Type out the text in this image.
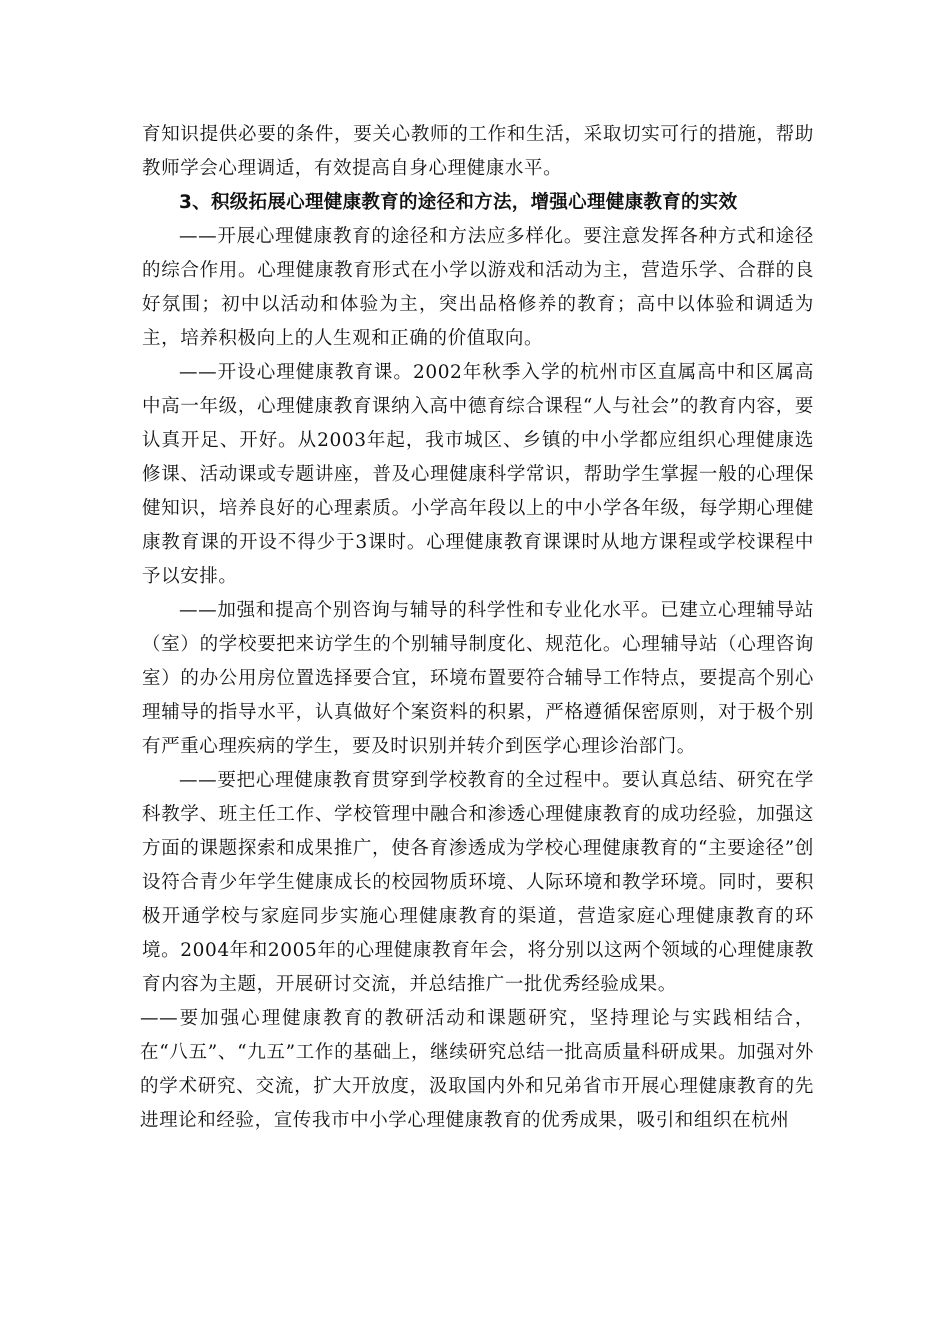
育知识提供必要的条件，要关心教师的工作和生活，采取切实可行的措施，帮助教师学会心理调适，有效提高自身心理健康水平。

3、积级拓展心理健康教育的途径和方法，增强心理健康教育的实效

——开展心理健康教育的途径和方法应多样化。要注意发挥各种方式和途径的综合作用。心理健康教育形式在小学以游戏和活动为主，营造乐学、合群的良好氛围；初中以活动和体验为主，突出品格修养的教育；高中以体验和调适为主，培养积极向上的人生观和正确的价值取向。

——开设心理健康教育课。2002年秋季入学的杭州市区直属高中和区属高中高一年级，心理健康教育课纳入高中德育综合课程“人与社会”的教育内容，要认真开足、开好。从2003年起，我市城区、乡镇的中小学都应组织心理健康选修课、活动课或专题讲座，普及心理健康科学常识，帮助学生掌握一般的心理保健知识，培养良好的心理素质。小学高年段以上的中小学各年级，每学期心理健康教育课的开设不得少于3课时。心理健康教育课课时从地方课程或学校课程中予以安排。

——加强和提高个别咨询与辅导的科学性和专业化水平。已建立心理辅导站（室）的学校要把来访学生的个别辅导制度化、规范化。心理辅导站（心理咨询室）的办公用房位置选择要合宜，环境布置要符合辅导工作特点，要提高个别心理辅导的指导水平，认真做好个案资料的积累，严格遵循保密原则，对于极个别有严重心理疾病的学生，要及时识别并转介到医学心理诊治部门。

——要把心理健康教育贯穿到学校教育的全过程中。要认真总结、研究在学科教学、班主任工作、学校管理中融合和渗透心理健康教育的成功经验，加强这方面的课题探索和成果推广，使各育渗透成为学校心理健康教育的“主要途径”创设符合青少年学生健康成长的校园物质环境、人际环境和教学环境。同时，要积极开通学校与家庭同步实施心理健康教育的渠道，营造家庭心理健康教育的环境。2004年和2005年的心理健康教育年会，将分别以这两个领域的心理健康教育内容为主题，开展研讨交流，并总结推广一批优秀经验成果。

——要加强心理健康教育的教研活动和课题研究，坚持理论与实践相结合，在“八五”、“九五”工作的基础上，继续研究总结一批高质量科研成果。加强对外的学术研究、交流，扩大开放度，汲取国内外和兄弟省市开展心理健康教育的先进理论和经验，宣传我市中小学心理健康教育的优秀成果，吸引和组织在杭州
